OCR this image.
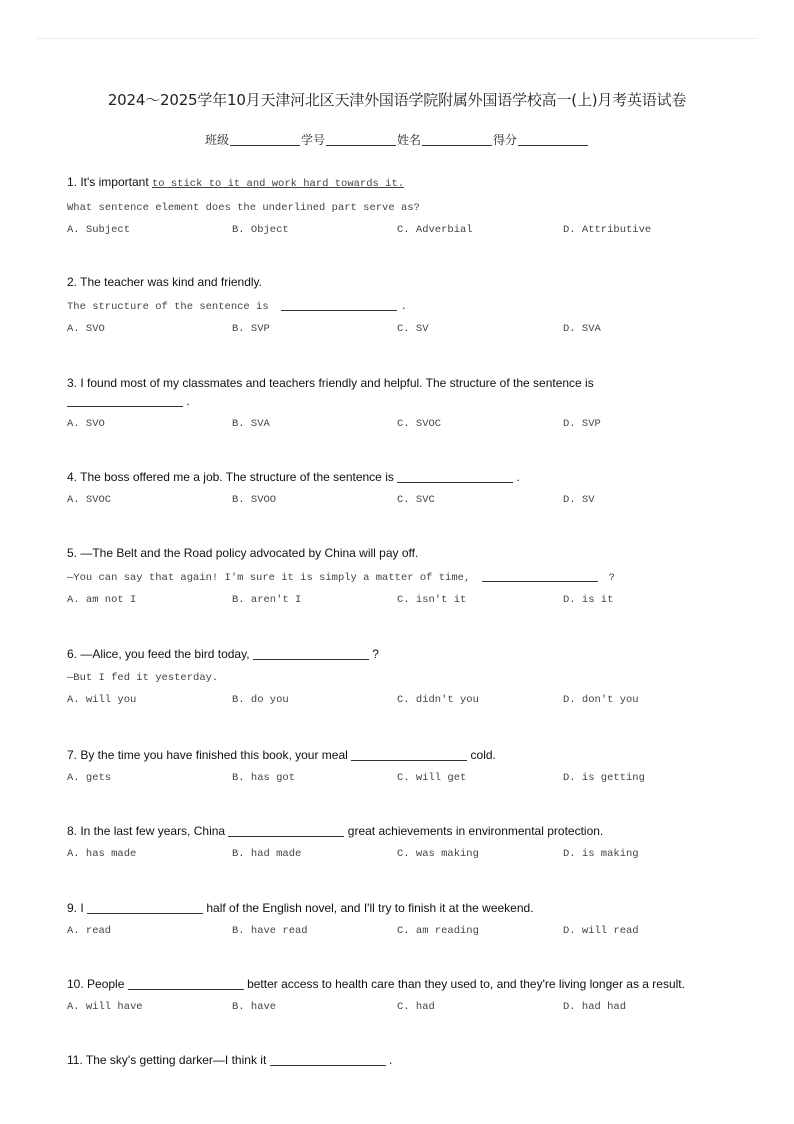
2024～2025学年10月天津河北区天津外国语学院附属外国语学校高一(上)月考英语试卷
班级	学号	姓名	得分
1. It's important to stick to it and work hard towards it.
What sentence element does the underlined part serve as?
A. Subject	B. Object	C. Adverbial	D. Attributive
2. The teacher was kind and friendly.
The structure of the sentence is	.
A. SVO	B. SVP	C. SV	D. SVA
3. I found most of my classmates and teachers friendly and helpful. The structure of the sentence is  .
A. SVO	B. SVA	C. SVOC	D. SVP
4. The boss offered me a job. The structure of the sentence is	.
A. SVOC	B. SVOO	C. SVC	D. SV
5. —The Belt and the Road policy advocated by China will pay off.
—You can say that again! I'm sure it is simply a matter of time,	?
A. am not I	B. aren't I	C. isn't it	D. is it
6. —Alice, you feed the bird today,	?
—But I fed it yesterday.
A. will you	B. do you	C. didn't you	D. don't you
7. By the time you have finished this book, your meal	cold.
A. gets	B. has got	C. will get	D. is getting
8. In the last few years, China	great achievements in environmental protection.
A. has made	B. had made	C. was making	D. is making
9. I	half of the English novel, and I'll try to finish it at the weekend.
A. read	B. have read	C. am reading	D. will read
10. People	better access to health care than they used to, and they're living longer as a result.
A. will have	B. have	C. had	D. had had
11. The sky's getting darker—I think it	.
